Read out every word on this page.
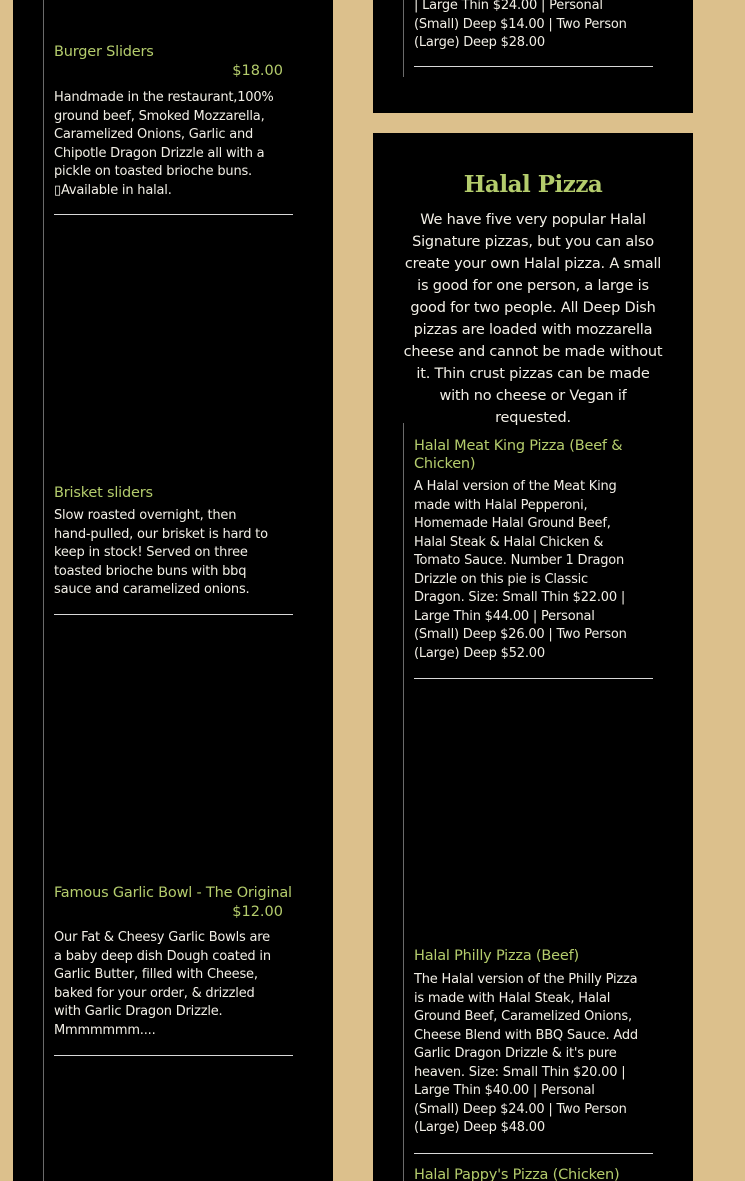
Burger Sliders
$18.00
Handmade in the restaurant,100% ground beef, Smoked Mozzarella, Caramelized Onions, Garlic and Chipotle Dragon Drizzle all with a pickle on toasted brioche buns. ▯Available in halal.
Brisket sliders
Slow roasted overnight, then hand-pulled, our brisket is hard to keep in stock! Served on three toasted brioche buns with bbq sauce and caramelized onions.
Famous Garlic Bowl - The Original
$12.00
Our Fat & Cheesy Garlic Bowls are a baby deep dish Dough coated in Garlic Butter, filled with Cheese, baked for your order, & drizzled with Garlic Dragon Drizzle. Mmmmmmm....
| Large Thin $24.00 | Personal (Small) Deep $14.00 | Two Person (Large) Deep $28.00
Halal Pizza
We have five very popular Halal Signature pizzas, but you can also create your own Halal pizza. A small is good for one person, a large is good for two people. All Deep Dish pizzas are loaded with mozzarella cheese and cannot be made without it. Thin crust pizzas can be made with no cheese or Vegan if requested.
Halal Meat King Pizza (Beef & Chicken)
A Halal version of the Meat King made with Halal Pepperoni, Homemade Halal Ground Beef, Halal Steak & Halal Chicken & Tomato Sauce. Number 1 Dragon Drizzle on this pie is Classic Dragon. Size: Small Thin $22.00 | Large Thin $44.00 | Personal (Small) Deep $26.00 | Two Person (Large) Deep $52.00
Halal Philly Pizza (Beef)
The Halal version of the Philly Pizza is made with Halal Steak, Halal Ground Beef, Caramelized Onions, Cheese Blend with BBQ Sauce. Add Garlic Dragon Drizzle & it's pure heaven. Size: Small Thin $20.00 | Large Thin $40.00 | Personal (Small) Deep $24.00 | Two Person (Large) Deep $48.00
Halal Pappy's Pizza (Chicken)
